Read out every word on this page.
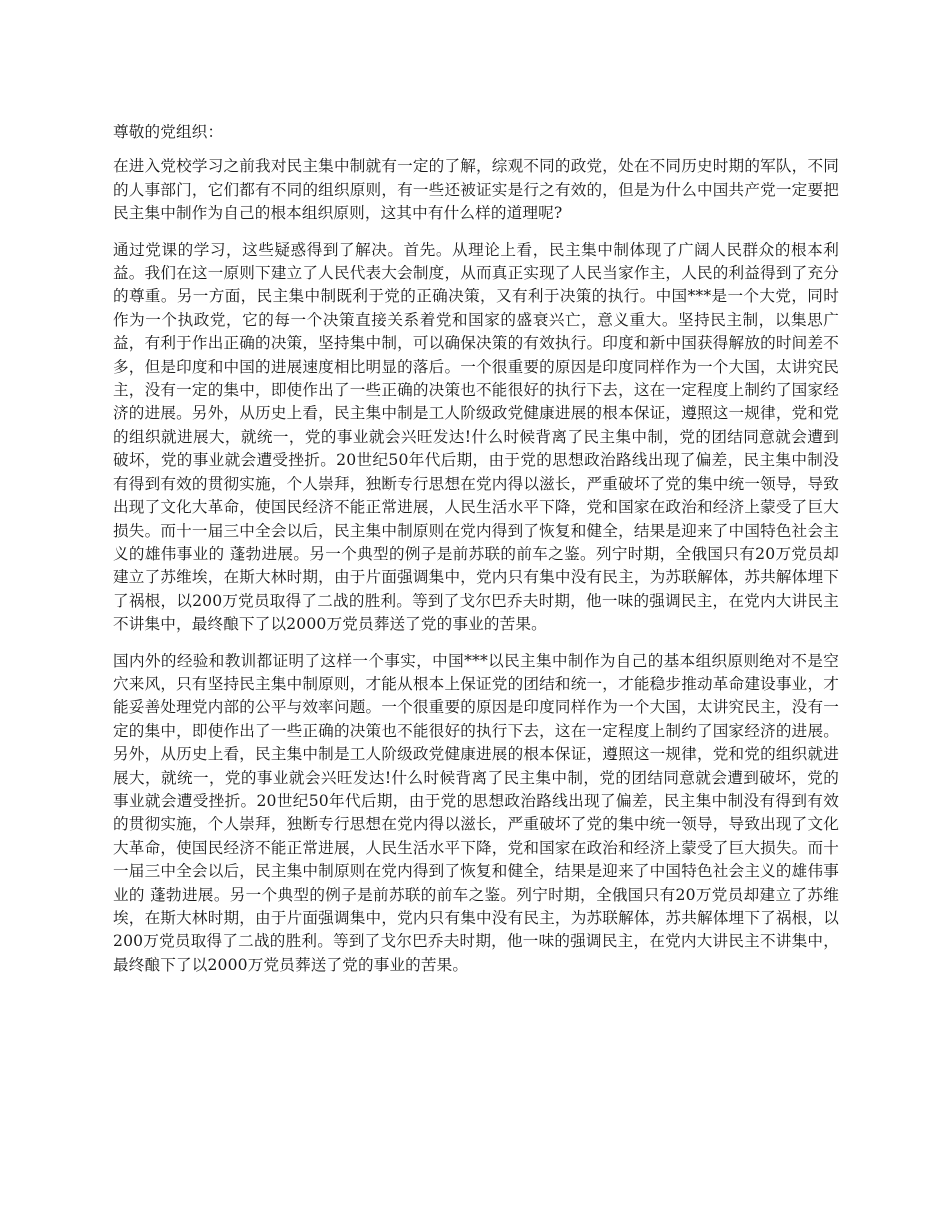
尊敬的党组织：

在进入党校学习之前我对民主集中制就有一定的了解，综观不同的政党，处在不同历史时期的军队，不同的人事部门，它们都有不同的组织原则，有一些还被证实是行之有效的，但是为什么中国共产党一定要把民主集中制作为自己的根本组织原则，这其中有什么样的道理呢?

通过党课的学习，这些疑惑得到了解决。首先。从理论上看，民主集中制体现了广阔人民群众的根本利益。我们在这一原则下建立了人民代表大会制度，从而真正实现了人民当家作主，人民的利益得到了充分的尊重。另一方面，民主集中制既利于党的正确决策，又有利于决策的执行。中国***是一个大党，同时作为一个执政党，它的每一个决策直接关系着党和国家的盛衰兴亡，意义重大。坚持民主制，以集思广益，有利于作出正确的决策，坚持集中制，可以确保决策的有效执行。印度和新中国获得解放的时间差不多，但是印度和中国的进展速度相比明显的落后。一个很重要的原因是印度同样作为一个大国，太讲究民主，没有一定的集中，即使作出了一些正确的决策也不能很好的执行下去，这在一定程度上制约了国家经济的进展。另外，从历史上看，民主集中制是工人阶级政党健康进展的根本保证，遵照这一规律，党和党的组织就进展大，就统一，党的事业就会兴旺发达!什么时候背离了民主集中制，党的团结同意就会遭到破坏，党的事业就会遭受挫折。20世纪50年代后期，由于党的思想政治路线出现了偏差，民主集中制没有得到有效的贯彻实施，个人崇拜，独断专行思想在党内得以滋长，严重破坏了党的集中统一领导，导致出现了文化大革命，使国民经济不能正常进展，人民生活水平下降，党和国家在政治和经济上蒙受了巨大损失。而十一届三中全会以后，民主集中制原则在党内得到了恢复和健全，结果是迎来了中国特色社会主义的雄伟事业的 蓬勃进展。另一个典型的例子是前苏联的前车之鉴。列宁时期，全俄国只有20万党员却建立了苏维埃，在斯大林时期，由于片面强调集中，党内只有集中没有民主，为苏联解体，苏共解体埋下了祸根，以200万党员取得了二战的胜利。等到了戈尔巴乔夫时期，他一味的强调民主，在党内大讲民主不讲集中，最终酿下了以2000万党员葬送了党的事业的苦果。

国内外的经验和教训都证明了这样一个事实，中国***以民主集中制作为自己的基本组织原则绝对不是空穴来风，只有坚持民主集中制原则，才能从根本上保证党的团结和统一，才能稳步推动革命建设事业，才能妥善处理党内部的公平与效率问题。一个很重要的原因是印度同样作为一个大国，太讲究民主，没有一定的集中，即使作出了一些正确的决策也不能很好的执行下去，这在一定程度上制约了国家经济的进展。另外，从历史上看，民主集中制是工人阶级政党健康进展的根本保证，遵照这一规律，党和党的组织就进展大，就统一，党的事业就会兴旺发达!什么时候背离了民主集中制，党的团结同意就会遭到破坏，党的事业就会遭受挫折。20世纪50年代后期，由于党的思想政治路线出现了偏差，民主集中制没有得到有效的贯彻实施，个人崇拜，独断专行思想在党内得以滋长，严重破坏了党的集中统一领导，导致出现了文化大革命，使国民经济不能正常进展，人民生活水平下降，党和国家在政治和经济上蒙受了巨大损失。而十一届三中全会以后，民主集中制原则在党内得到了恢复和健全，结果是迎来了中国特色社会主义的雄伟事业的 蓬勃进展。另一个典型的例子是前苏联的前车之鉴。列宁时期，全俄国只有20万党员却建立了苏维埃，在斯大林时期，由于片面强调集中，党内只有集中没有民主，为苏联解体，苏共解体埋下了祸根，以200万党员取得了二战的胜利。等到了戈尔巴乔夫时期，他一味的强调民主，在党内大讲民主不讲集中，最终酿下了以2000万党员葬送了党的事业的苦果。
